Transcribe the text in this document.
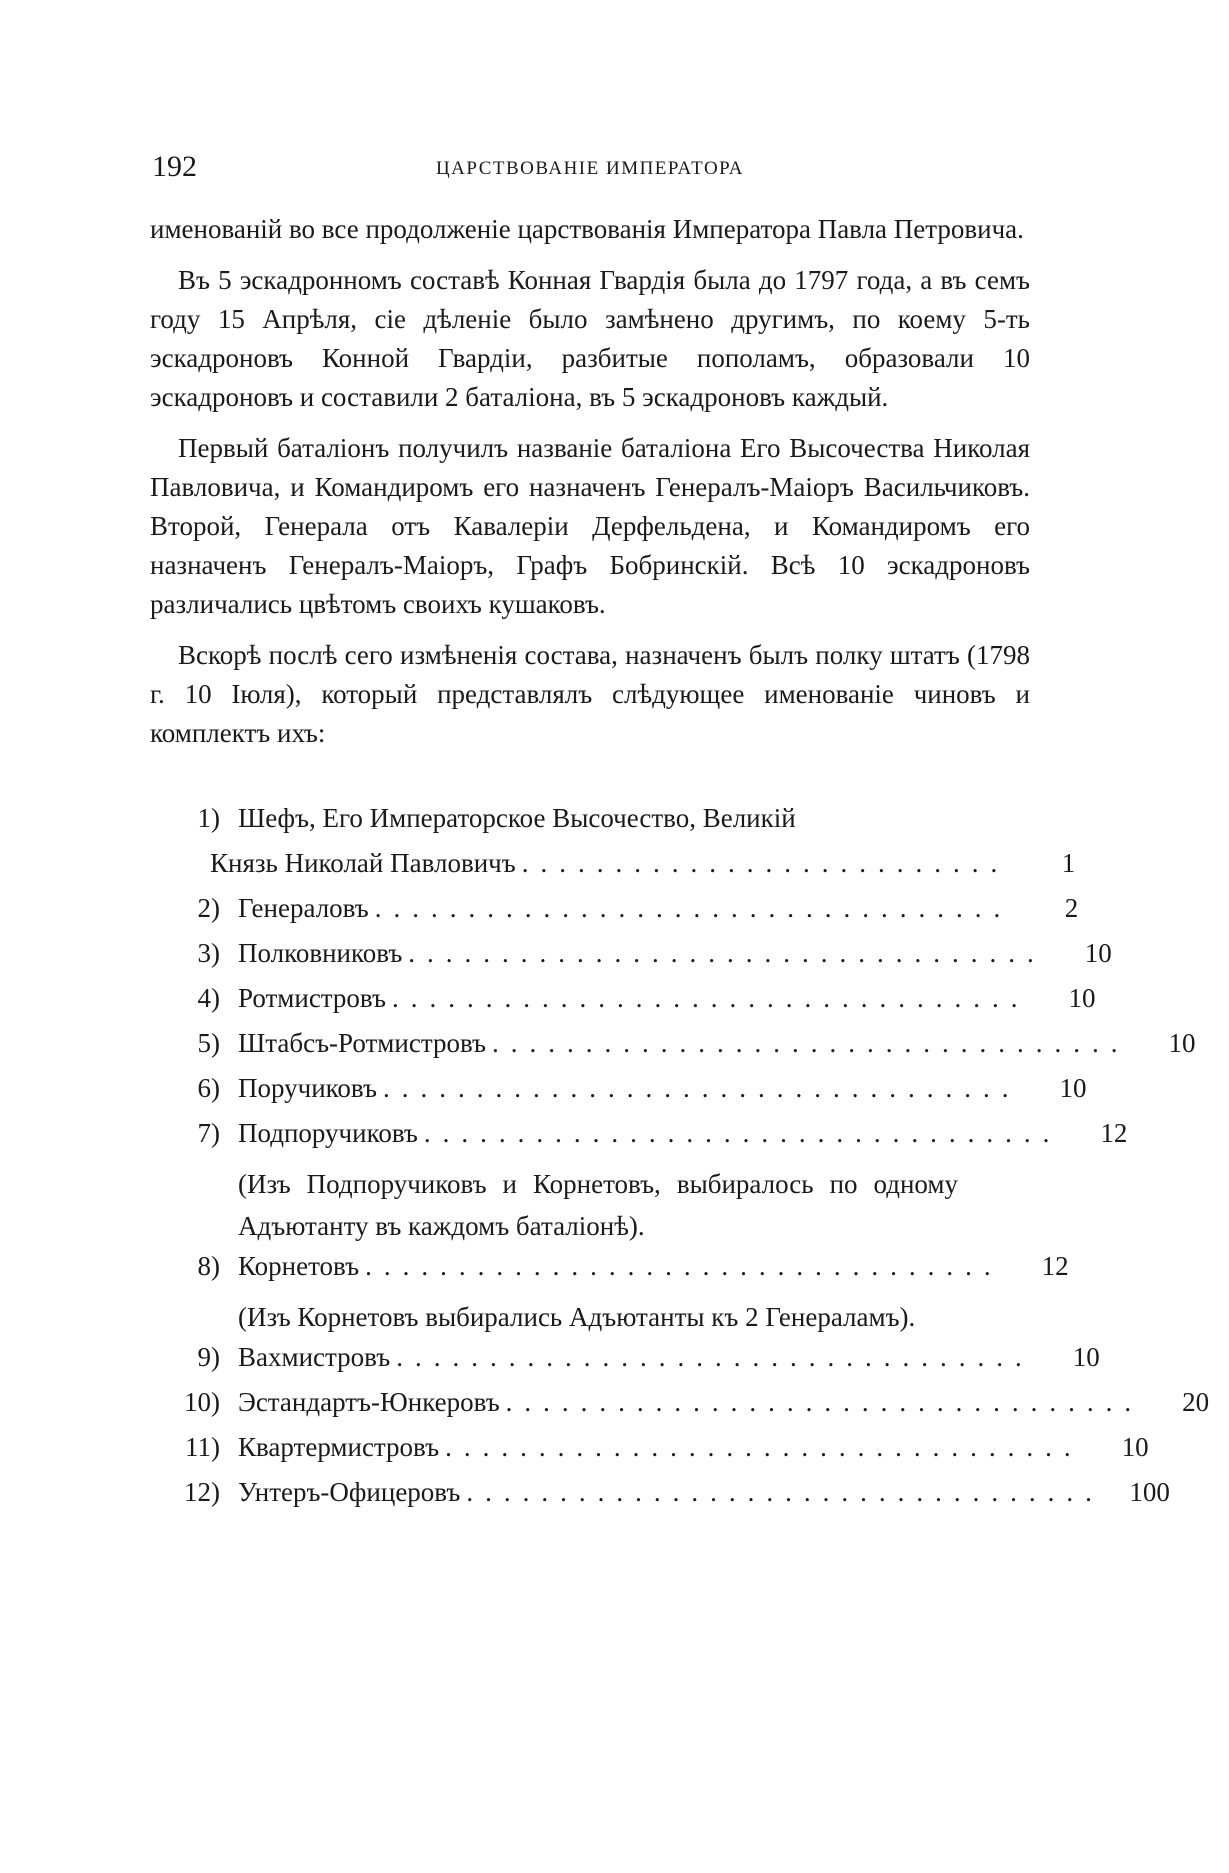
192	ЦАРСТВОВАНІЕ ИМПЕРАТОРА

именованій во все продолженіе царствованія Императора Павла Петровича.

Въ 5 эскадронномъ составѣ Конная Гвардія была до 1797 года, а въ семъ году 15 Апрѣля, сіе дѣленіе было замѣнено другимъ, по коему 5-ть эскадроновъ Конной Гвардіи, разбитые пополамъ, образовали 10 эскадроновъ и составили 2 баталіона, въ 5 эскадроновъ каждый.

Первый баталіонъ получилъ названіе баталіона Его Высочества Николая Павловича, и Командиромъ его назначенъ Генералъ-Маіоръ Васильчиковъ. Второй, Генерала отъ Кавалеріи Дерфельдена, и Командиромъ его назначенъ Генералъ-Маіоръ, Графъ Бобринскій. Всѣ 10 эскадроновъ различались цвѣтомъ своихъ кушаковъ.

Вскорѣ послѣ сего измѣненія состава, назначенъ былъ полку штатъ (1798 г. 10 Іюля), который представлялъ слѣдующее именованіе чиновъ и комплектъ ихъ:

1) Шефъ, Его Императорское Высочество, Великій
Князь Николай Павловичъ ..........................	1
2) Генераловъ ..................................	2
3) Полковниковъ ..................................	10
4) Ротмистровъ ..................................	10
5) Штабсъ-Ротмистровъ ..................................	10
6) Поручиковъ ..................................	10
7) Подпоручиковъ ..................................	12
(Изъ Подпоручиковъ и Корнетовъ, выбиралось по одному Адъютанту въ каждомъ баталіонѣ).
8) Корнетовъ ..................................	12
(Изъ Корнетовъ выбирались Адъютанты къ 2 Генераламъ).
9) Вахмистровъ ..................................	10
10) Эстандартъ-Юнкеровъ ..................................	20
11) Квартермистровъ ..................................	10
12) Унтеръ-Офицеровъ .................................. 100
